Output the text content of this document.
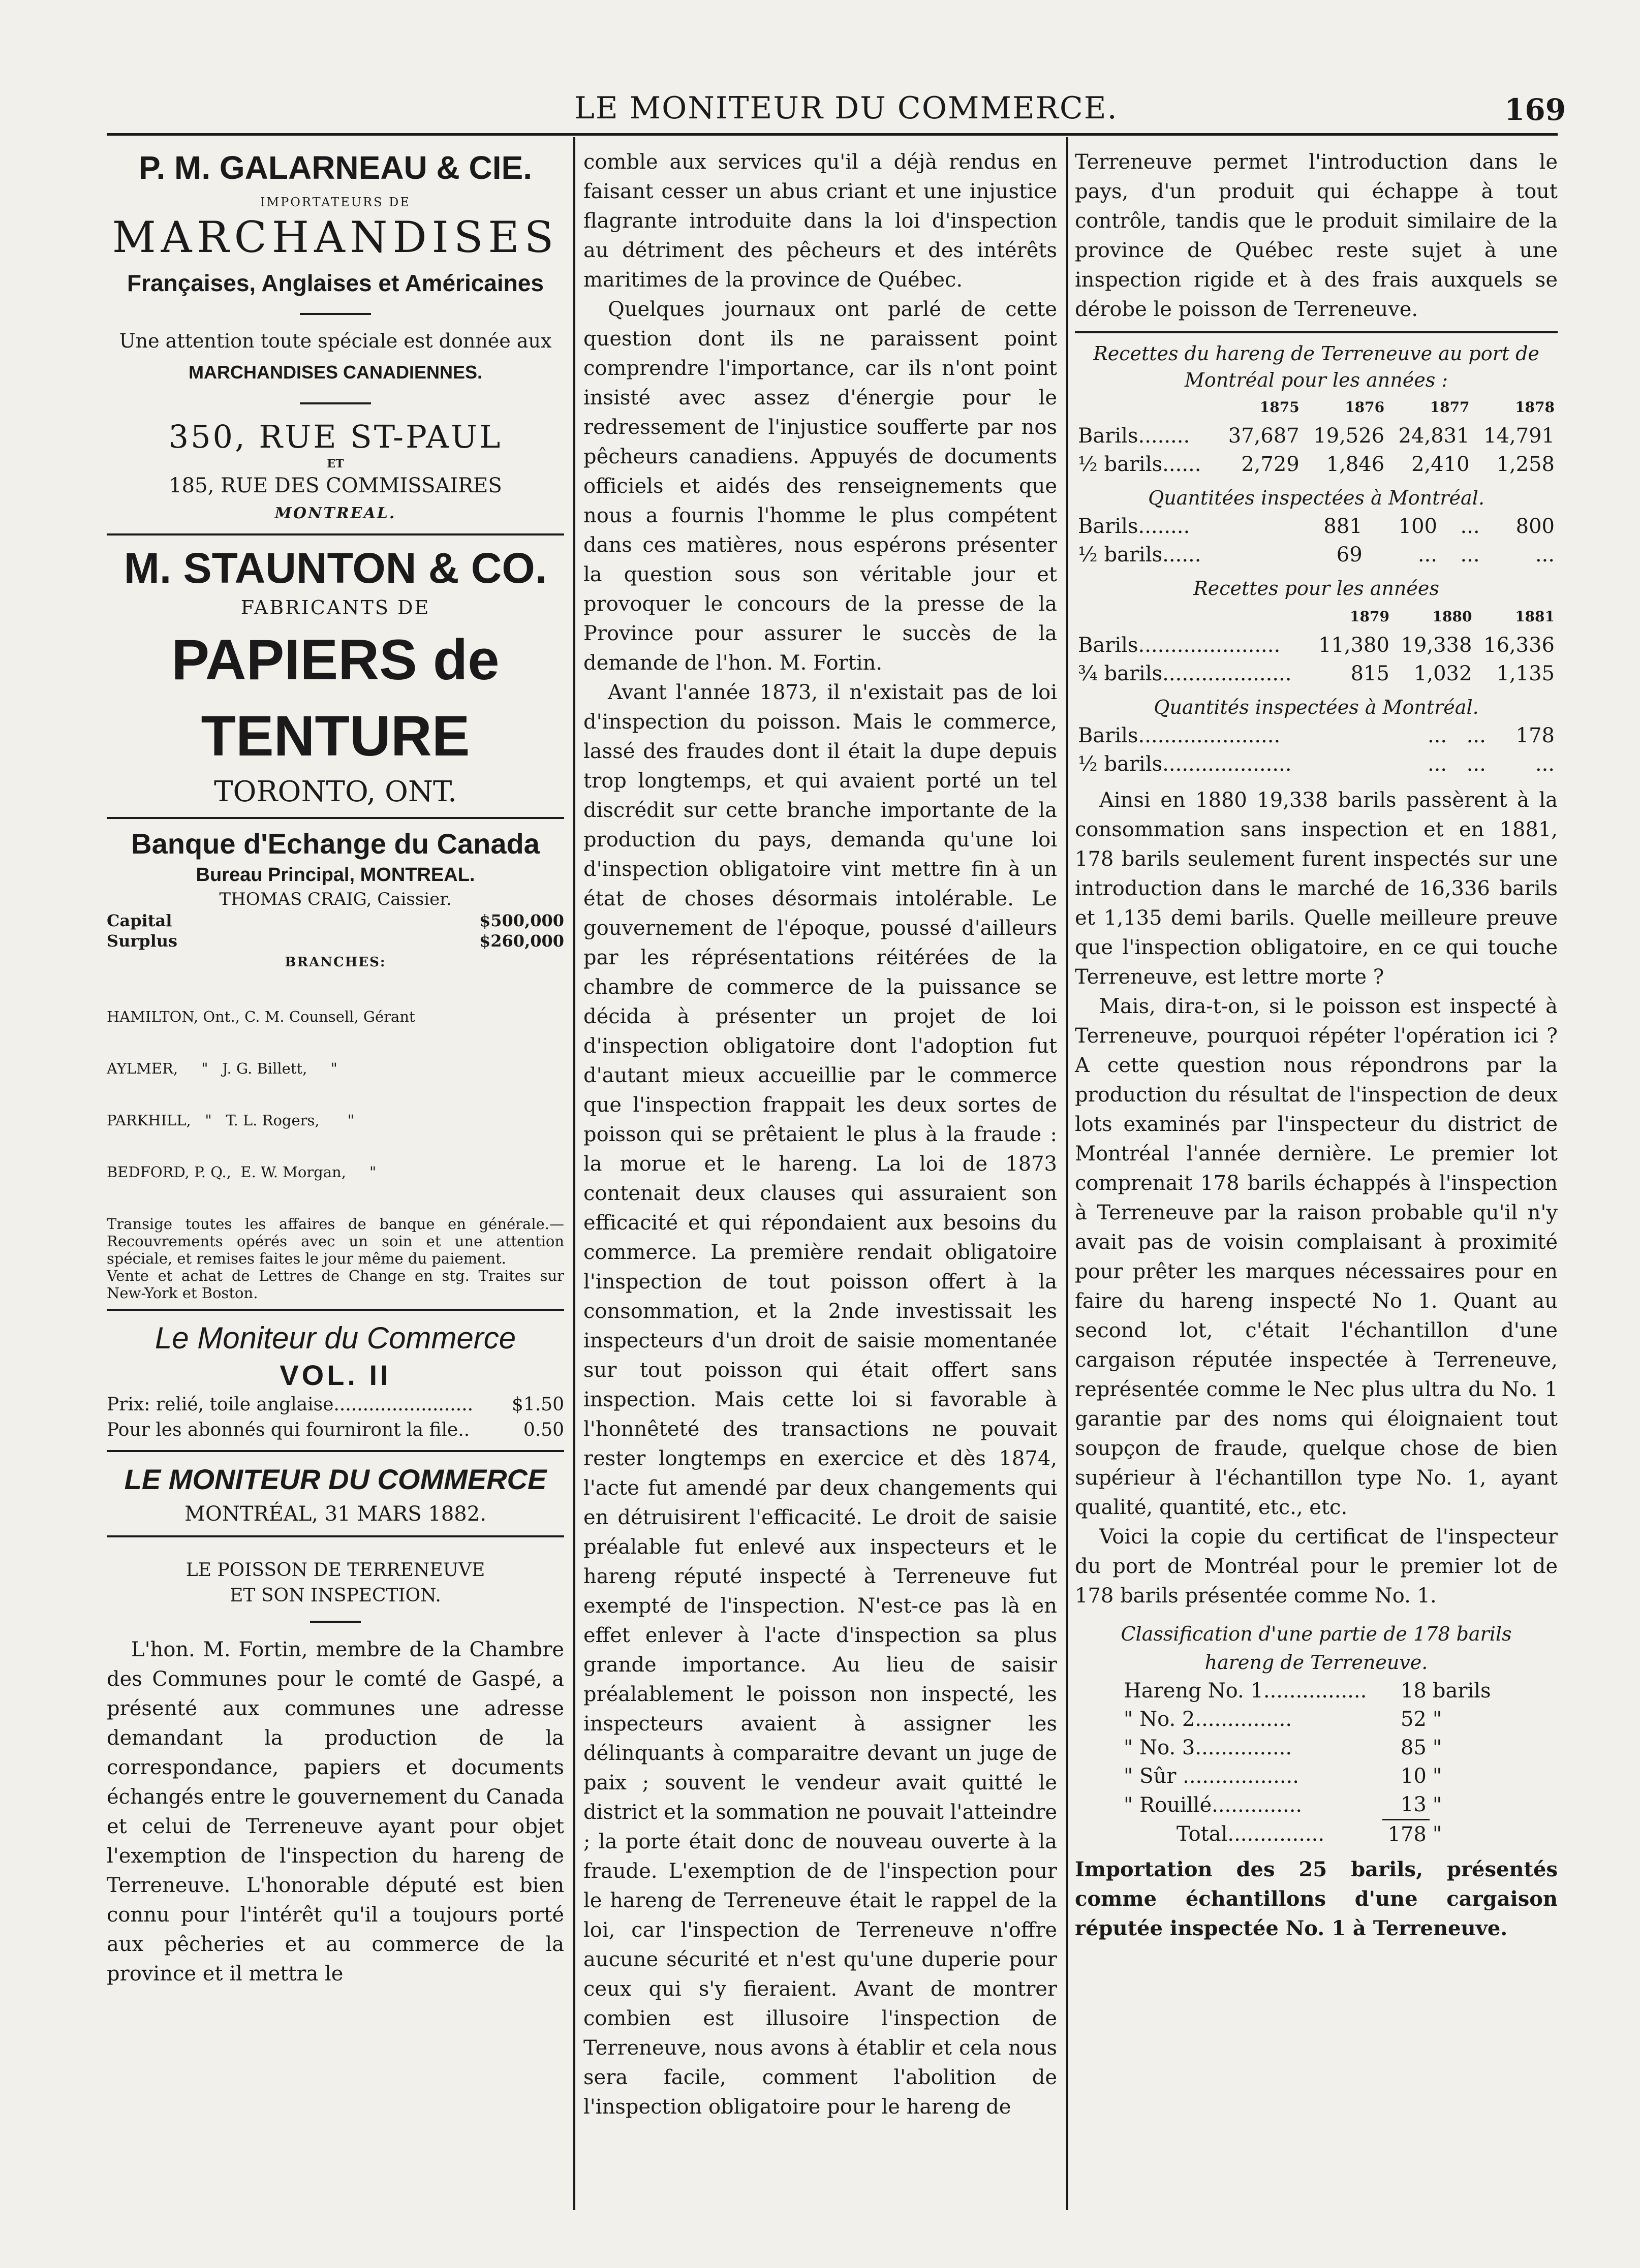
LE MONITEUR DU COMMERCE.	169
P. M. GALARNEAU & CIE.
IMPORTATEURS DE
MARCHANDISES
Françaises, Anglaises et Américaines
Une attention toute spéciale est donnée aux
MARCHANDISES CANADIENNES.
350, RUE ST-PAUL
ET
185, RUE DES COMMISSAIRES
MONTREAL.
M. STAUNTON & CO.
FABRICANTS DE
PAPIERS de TENTURE
TORONTO, ONT.
Banque d'Echange du Canada
Bureau Principal, MONTREAL.
THOMAS CRAIG, Caissier.
Capital	$500,000
Surplus	$260,000
BRANCHES:

HAMILTON, Ont., C. M. Counsell, Gérant

AYLMER,     "   J. G. Billett,     "

PARKHILL,   "   T. L. Rogers,      "

BEDFORD, P. Q.,  E. W. Morgan,     "

Transige toutes les affaires de banque en générale.—Recouvrements opérés avec un soin et une attention spéciale, et remises faites le jour même du paiement.
Vente et achat de Lettres de Change en stg. Traites sur New-York et Boston.
Le Moniteur du Commerce
VOL. II
Prix: relié, toile anglaise........................ $1.50
Pour les abonnés qui fourniront la file..	0.50
LE MONITEUR DU COMMERCE
MONTRÉAL, 31 MARS 1882.
LE POISSON DE TERRENEUVE
ET SON INSPECTION.

L'hon. M. Fortin, membre de la Chambre des Communes pour le comté de Gaspé, a présenté aux communes une adresse demandant la production de la correspondance, papiers et documents échangés entre le gouvernement du Canada et celui de Terreneuve ayant pour objet l'exemption de l'inspection du hareng de Terreneuve. L'honorable député est bien connu pour l'intérêt qu'il a toujours porté aux pêcheries et au commerce de la province et il mettra le

comble aux services qu'il a déjà rendus en faisant cesser un abus criant et une injustice flagrante introduite dans la loi d'inspection au détriment des pêcheurs et des intérêts maritimes de la province de Québec.

Quelques journaux ont parlé de cette question dont ils ne paraissent point comprendre l'importance, car ils n'ont point insisté avec assez d'énergie pour le redressement de l'injustice soufferte par nos pêcheurs canadiens. Appuyés de documents officiels et aidés des renseignements que nous a fournis l'homme le plus compétent dans ces matières, nous espérons présenter la question sous son véritable jour et provoquer le concours de la presse de la Province pour assurer le succès de la demande de l'hon. M. Fortin.

Avant l'année 1873, il n'existait pas de loi d'inspection du poisson. Mais le commerce, lassé des fraudes dont il était la dupe depuis trop longtemps, et qui avaient porté un tel discrédit sur cette branche importante de la production du pays, demanda qu'une loi d'inspection obligatoire vint mettre fin à un état de choses désormais intolérable. Le gouvernement de l'époque, poussé d'ailleurs par les réprésentations réitérées de la chambre de commerce de la puissance se décida à présenter un projet de loi d'inspection obligatoire dont l'adoption fut d'autant mieux accueillie par le commerce que l'inspection frappait les deux sortes de poisson qui se prêtaient le plus à la fraude : la morue et le hareng. La loi de 1873 contenait deux clauses qui assuraient son efficacité et qui répondaient aux besoins du commerce. La première rendait obligatoire l'inspection de tout poisson offert à la consommation, et la 2nde investissait les inspecteurs d'un droit de saisie momentanée sur tout poisson qui était offert sans inspection. Mais cette loi si favorable à l'honnêteté des transactions ne pouvait rester longtemps en exercice et dès 1874, l'acte fut amendé par deux changements qui en détruisirent l'efficacité. Le droit de saisie préalable fut enlevé aux inspecteurs et le hareng réputé inspecté à Terreneuve fut exempté de l'inspection. N'est-ce pas là en effet enlever à l'acte d'inspection sa plus grande importance. Au lieu de saisir préalablement le poisson non inspecté, les inspecteurs avaient à assigner les délinquants à comparaitre devant un juge de paix ; souvent le vendeur avait quitté le district et la sommation ne pouvait l'atteindre ; la porte était donc de nouveau ouverte à la fraude. L'exemption de de l'inspection pour le hareng de Terreneuve était le rappel de la loi, car l'inspection de Terreneuve n'offre aucune sécurité et n'est qu'une duperie pour ceux qui s'y fieraient. Avant de montrer combien est illusoire l'inspection de Terreneuve, nous avons à établir et cela nous sera facile, comment l'abolition de l'inspection obligatoire pour le hareng de

Terreneuve permet l'introduction dans le pays, d'un produit qui échappe à tout contrôle, tandis que le produit similaire de la province de Québec reste sujet à une inspection rigide et à des frais auxquels se dérobe le poisson de Terreneuve.

Recettes du hareng de Terreneuve au port de Montréal pour les années :

	1875	1876	1877	1878
Barils........	37,687	19,526	24,831	14,791
½ barils......	2,729	1,846	2,410	1,258

Quantitées inspectées à Montréal.

Barils........	881	100	...	800
½ barils......	69	...	...	...

Recettes pour les années

	1879	1880	1881
Barils......................	11,380	19,338	16,336
¾ barils....................	815	1,032	1,135

Quantités inspectées à Montréal.

Barils......................	...	...	178
½ barils....................	...	...	...

Ainsi en 1880 19,338 barils passèrent à la consommation sans inspection et en 1881, 178 barils seulement furent inspectés sur une introduction dans le marché de 16,336 barils et 1,135 demi barils. Quelle meilleure preuve que l'inspection obligatoire, en ce qui touche Terreneuve, est lettre morte ?

Mais, dira-t-on, si le poisson est inspecté à Terreneuve, pourquoi répéter l'opération ici ? A cette question nous répondrons par la production du résultat de l'inspection de deux lots examinés par l'inspecteur du district de Montréal l'année dernière. Le premier lot comprenait 178 barils échappés à l'inspection à Terreneuve par la raison probable qu'il n'y avait pas de voisin complaisant à proximité pour prêter les marques nécessaires pour en faire du hareng inspecté No 1. Quant au second lot, c'était l'échantillon d'une cargaison réputée inspectée à Terreneuve, représentée comme le Nec plus ultra du No. 1 garantie par des noms qui éloignaient tout soupçon de fraude, quelque chose de bien supérieur à l'échantillon type No. 1, ayant qualité, quantité, etc., etc.

Voici la copie du certificat de l'inspecteur du port de Montréal pour le premier lot de 178 barils présentée comme No. 1.

Classification d'une partie de 178 barils

hareng de Terreneuve.

Hareng No. 1................	18	barils
" No. 2...............	52	"
" No. 3...............	85	"
" Sûr ..................	10	"
" Rouillé..............	13	"
Total...............	178	"

Importation des 25 barils, présentés comme échantillons d'une cargaison réputée inspectée No. 1 à Terreneuve.
